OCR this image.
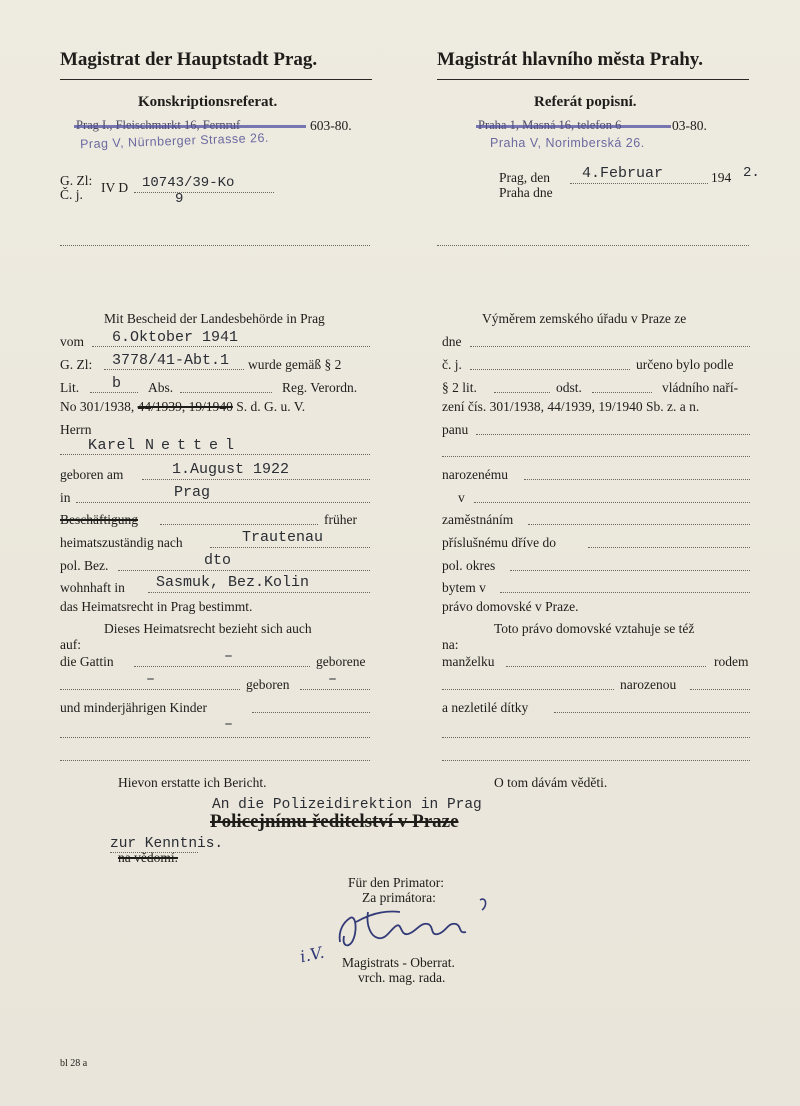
Magistrat der Hauptstadt Prag.	Magistrát hlavního města Prahy.
Konskriptionsreferat.	Referát popisní.
603-80.
Prag V, Nürnberger Strasse 26.
03-80.
Praha V, Norimberská 26.
G. Zl:
Č. j. IV D 10743/39-Ko
9
Prag, den
Praha dne
4.Februar	194 2.
Mit Bescheid der Landesbehörde in Prag
vom 6.Oktober 1941
G. Zl: 3778/41-Abt.1 wurde gemäß § 2
Lit. b Abs.	Reg. Verordn.
No 301/1938, 44/1939, 19/1940 S. d. G. u. V.
Herrn
Karel Nettel
geboren am	1.August 1922
in	Prag
Beschäftigung	früher
heimatszuständig nach	Trautenau
pol. Bez.	dto
wohnhaft in Sasmuk, Bez.Kolin
das Heimatsrecht in Prag bestimmt.
Dieses Heimatsrecht bezieht sich auch
auf:
die Gattin	–	geborene
–	geboren	–
und minderjährigen Kinder
–
Hievon erstatte ich Bericht.
Výměrem zemského úřadu v Praze ze
dne
č. j.	určeno bylo podle
§ 2 lit.	odst.	vládního naří-
zení čís. 301/1938, 44/1939, 19/1940 Sb. z. a n.
panu
narozenému
v
zaměstnáním
příslušnému dříve do
pol. okres
bytem v
právo domovské v Praze.
Toto právo domovské vztahuje se též
na:
manželku	rodem
narozenou
a nezletilé dítky
O tom dávám věděti.
An die Polizeidirektion in Prag
Policejnímu ředitelství v Praze
zur Kenntnis.
na vědomí.
Für den Primator:
Za primátora:
i.V. Magistrats - Oberrat.
vrch. mag. rada.
bl 28 a
